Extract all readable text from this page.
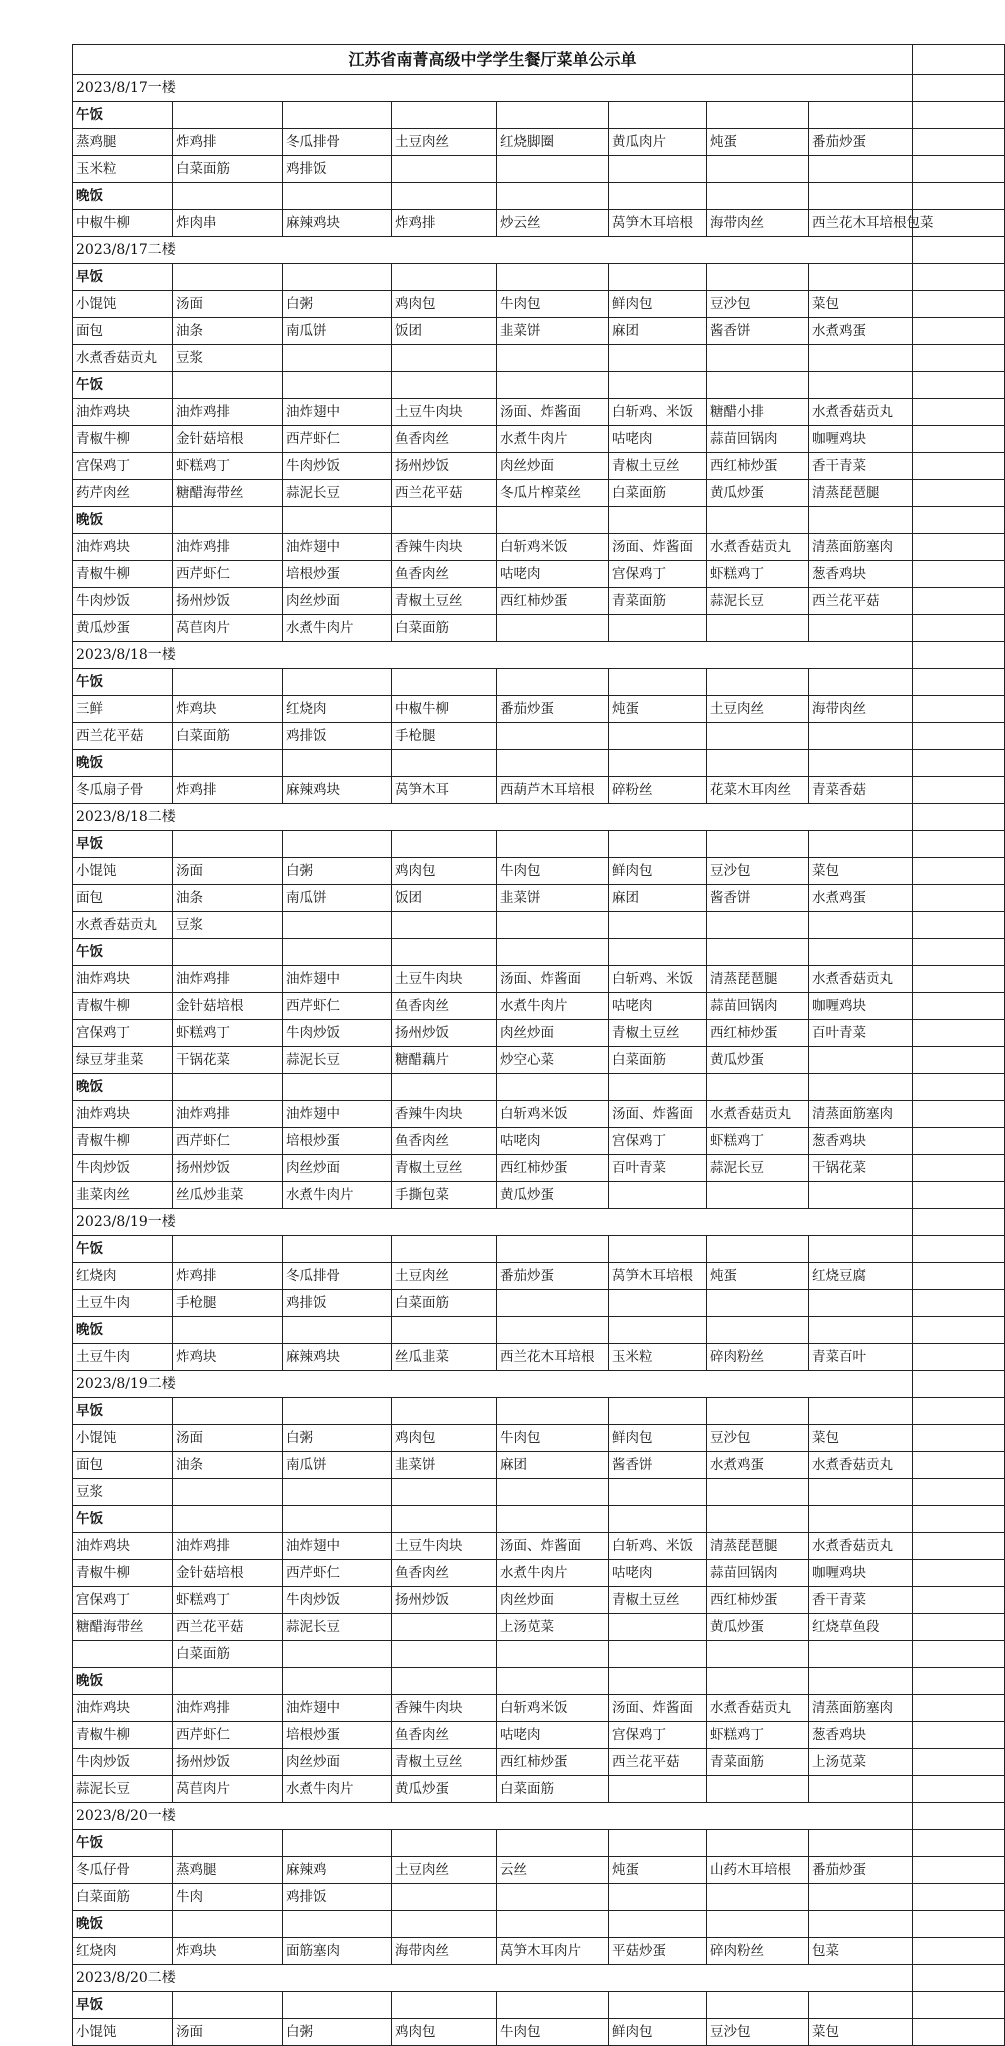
江苏省南菁高级中学学生餐厅菜单公示单								
2023/8/17一楼								
午饭								
蒸鸡腿	炸鸡排	冬瓜排骨	土豆肉丝	红烧脚圈	黄瓜肉片	炖蛋	番茄炒蛋	
玉米粒	白菜面筋	鸡排饭						
晚饭								
中椒牛柳	炸肉串	麻辣鸡块	炸鸡排	炒云丝	莴笋木耳培根	海带肉丝	西兰花木耳培根包菜	
2023/8/17二楼								
早饭								
小馄饨	汤面	白粥	鸡肉包	牛肉包	鲜肉包	豆沙包	菜包	
面包	油条	南瓜饼	饭团	韭菜饼	麻团	酱香饼	水煮鸡蛋	
水煮香菇贡丸	豆浆							
午饭								
油炸鸡块	油炸鸡排	油炸翅中	土豆牛肉块	汤面、炸酱面	白斩鸡、米饭	糖醋小排	水煮香菇贡丸	
青椒牛柳	金针菇培根	西芹虾仁	鱼香肉丝	水煮牛肉片	咕咾肉	蒜苗回锅肉	咖喱鸡块	
宫保鸡丁	虾糕鸡丁	牛肉炒饭	扬州炒饭	肉丝炒面	青椒土豆丝	西红柿炒蛋	香干青菜	
药芹肉丝	糖醋海带丝	蒜泥长豆	西兰花平菇	冬瓜片榨菜丝	白菜面筋	黄瓜炒蛋	清蒸琵琶腿	
晚饭								
油炸鸡块	油炸鸡排	油炸翅中	香辣牛肉块	白斩鸡米饭	汤面、炸酱面	水煮香菇贡丸	清蒸面筋塞肉	
青椒牛柳	西芹虾仁	培根炒蛋	鱼香肉丝	咕咾肉	宫保鸡丁	虾糕鸡丁	葱香鸡块	
牛肉炒饭	扬州炒饭	肉丝炒面	青椒土豆丝	西红柿炒蛋	青菜面筋	蒜泥长豆	西兰花平菇	
黄瓜炒蛋	莴苣肉片	水煮牛肉片	白菜面筋					
2023/8/18一楼								
午饭								
三鲜	炸鸡块	红烧肉	中椒牛柳	番茄炒蛋	炖蛋	土豆肉丝	海带肉丝	
西兰花平菇	白菜面筋	鸡排饭	手枪腿					
晚饭								
冬瓜扇子骨	炸鸡排	麻辣鸡块	莴笋木耳	西葫芦木耳培根	碎粉丝	花菜木耳肉丝	青菜香菇	
2023/8/18二楼								
早饭								
小馄饨	汤面	白粥	鸡肉包	牛肉包	鲜肉包	豆沙包	菜包	
面包	油条	南瓜饼	饭团	韭菜饼	麻团	酱香饼	水煮鸡蛋	
水煮香菇贡丸	豆浆							
午饭								
油炸鸡块	油炸鸡排	油炸翅中	土豆牛肉块	汤面、炸酱面	白斩鸡、米饭	清蒸琵琶腿	水煮香菇贡丸	
青椒牛柳	金针菇培根	西芹虾仁	鱼香肉丝	水煮牛肉片	咕咾肉	蒜苗回锅肉	咖喱鸡块	
宫保鸡丁	虾糕鸡丁	牛肉炒饭	扬州炒饭	肉丝炒面	青椒土豆丝	西红柿炒蛋	百叶青菜	
绿豆芽韭菜	干锅花菜	蒜泥长豆	糖醋藕片	炒空心菜	白菜面筋	黄瓜炒蛋		
晚饭								
油炸鸡块	油炸鸡排	油炸翅中	香辣牛肉块	白斩鸡米饭	汤面、炸酱面	水煮香菇贡丸	清蒸面筋塞肉	
青椒牛柳	西芹虾仁	培根炒蛋	鱼香肉丝	咕咾肉	宫保鸡丁	虾糕鸡丁	葱香鸡块	
牛肉炒饭	扬州炒饭	肉丝炒面	青椒土豆丝	西红柿炒蛋	百叶青菜	蒜泥长豆	干锅花菜	
韭菜肉丝	丝瓜炒韭菜	水煮牛肉片	手撕包菜	黄瓜炒蛋				
2023/8/19一楼								
午饭								
红烧肉	炸鸡排	冬瓜排骨	土豆肉丝	番茄炒蛋	莴笋木耳培根	炖蛋	红烧豆腐	
土豆牛肉	手枪腿	鸡排饭	白菜面筋					
晚饭								
土豆牛肉	炸鸡块	麻辣鸡块	丝瓜韭菜	西兰花木耳培根	玉米粒	碎肉粉丝	青菜百叶	
2023/8/19二楼								
早饭								
小馄饨	汤面	白粥	鸡肉包	牛肉包	鲜肉包	豆沙包	菜包	
面包	油条	南瓜饼	韭菜饼	麻团	酱香饼	水煮鸡蛋	水煮香菇贡丸	
豆浆								
午饭								
油炸鸡块	油炸鸡排	油炸翅中	土豆牛肉块	汤面、炸酱面	白斩鸡、米饭	清蒸琵琶腿	水煮香菇贡丸	
青椒牛柳	金针菇培根	西芹虾仁	鱼香肉丝	水煮牛肉片	咕咾肉	蒜苗回锅肉	咖喱鸡块	
宫保鸡丁	虾糕鸡丁	牛肉炒饭	扬州炒饭	肉丝炒面	青椒土豆丝	西红柿炒蛋	香干青菜	
糖醋海带丝	西兰花平菇	蒜泥长豆		上汤苋菜		黄瓜炒蛋	红烧草鱼段	
	白菜面筋							
晚饭								
油炸鸡块	油炸鸡排	油炸翅中	香辣牛肉块	白斩鸡米饭	汤面、炸酱面	水煮香菇贡丸	清蒸面筋塞肉	
青椒牛柳	西芹虾仁	培根炒蛋	鱼香肉丝	咕咾肉	宫保鸡丁	虾糕鸡丁	葱香鸡块	
牛肉炒饭	扬州炒饭	肉丝炒面	青椒土豆丝	西红柿炒蛋	西兰花平菇	青菜面筋	上汤苋菜	
蒜泥长豆	莴苣肉片	水煮牛肉片	黄瓜炒蛋	白菜面筋				
2023/8/20一楼								
午饭								
冬瓜仔骨	蒸鸡腿	麻辣鸡	土豆肉丝	云丝	炖蛋	山药木耳培根	番茄炒蛋	
白菜面筋	牛肉	鸡排饭						
晚饭								
红烧肉	炸鸡块	面筋塞肉	海带肉丝	莴笋木耳肉片	平菇炒蛋	碎肉粉丝	包菜	
2023/8/20二楼								
早饭								
小馄饨	汤面	白粥	鸡肉包	牛肉包	鲜肉包	豆沙包	菜包	
